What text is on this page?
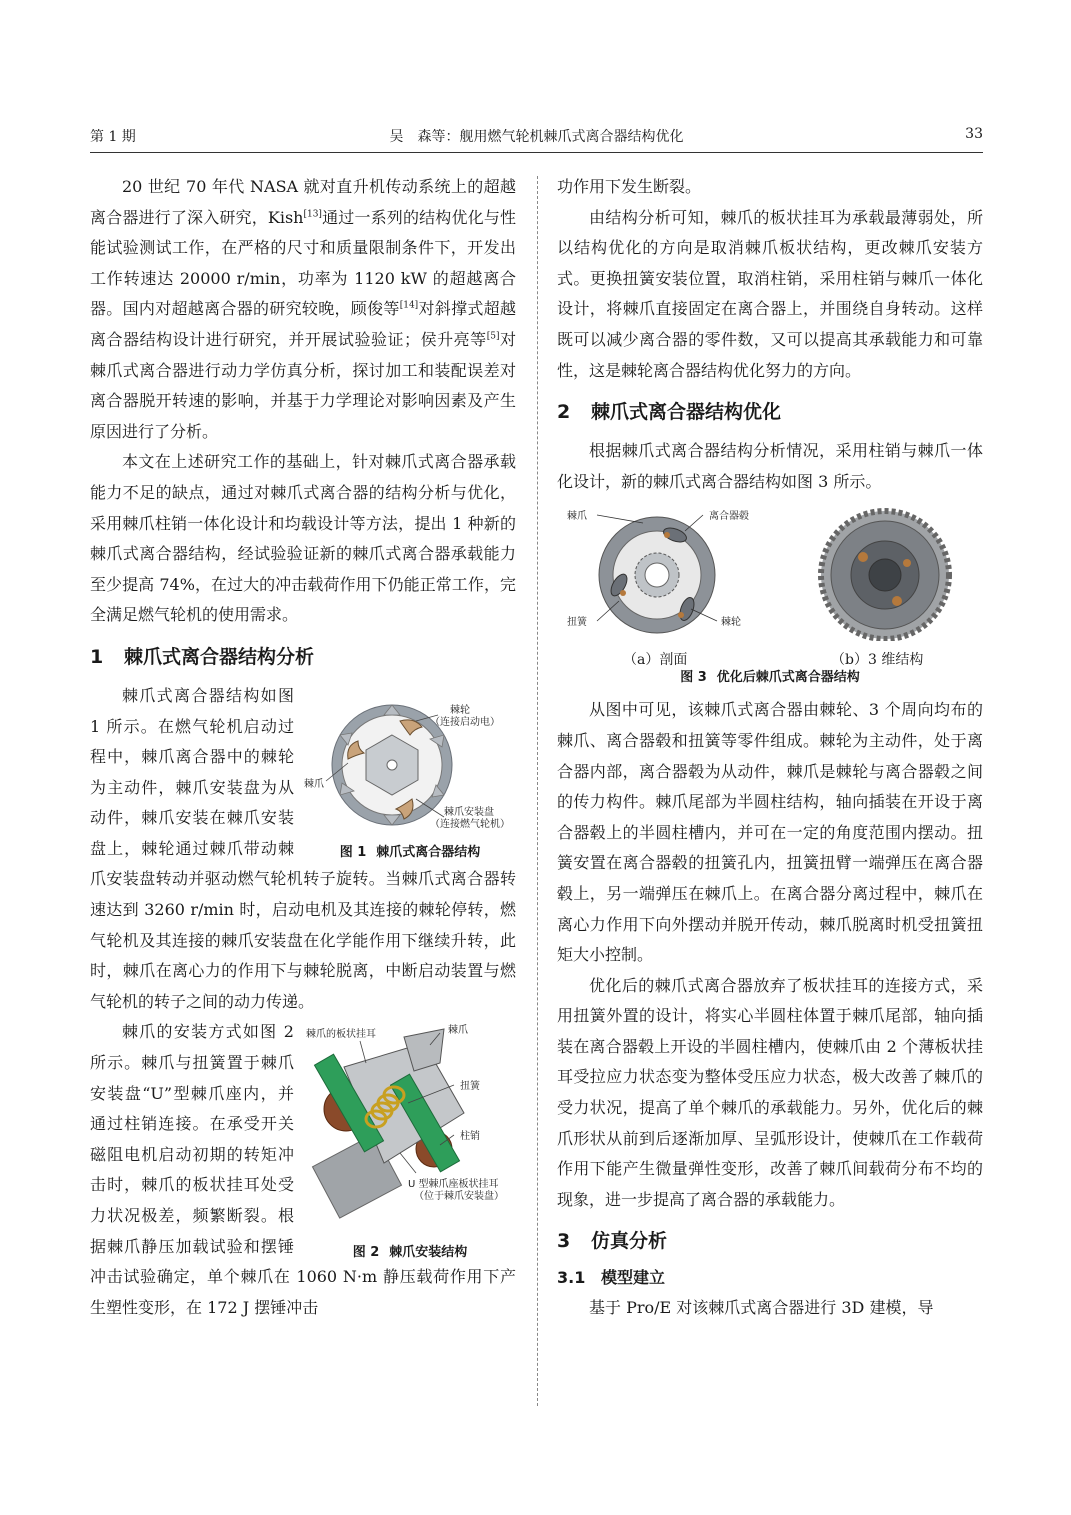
第 1 期	吴　森等：舰用燃气轮机棘爪式离合器结构优化	33

20 世纪 70 年代 NASA 就对直升机传动系统上的超越离合器进行了深入研究，Kish[13]通过一系列的结构优化与性能试验测试工作，在严格的尺寸和质量限制条件下，开发出工作转速达 20000 r/min，功率为 1120 kW 的超越离合器。国内对超越离合器的研究较晚，顾俊等[14]对斜撑式超越离合器结构设计进行研究，并开展试验验证；侯升亮等[5]对棘爪式离合器进行动力学仿真分析，探讨加工和装配误差对离合器脱开转速的影响，并基于力学理论对影响因素及产生原因进行了分析。

本文在上述研究工作的基础上，针对棘爪式离合器承载能力不足的缺点，通过对棘爪式离合器的结构分析与优化，采用棘爪柱销一体化设计和均载设计等方法，提出 1 种新的棘爪式离合器结构，经试验验证新的棘爪式离合器承载能力至少提高 74%，在过大的冲击载荷作用下仍能正常工作，完全满足燃气轮机的使用需求。

1 棘爪式离合器结构分析
棘轮
（连接启动电）
棘爪
棘爪安装盘
（连接燃气轮机）
图 1 棘爪式离合器结构

棘爪式离合器结构如图 1 所示。在燃气轮机启动过程中，棘爪离合器中的棘轮为主动件，棘爪安装盘为从动件，棘爪安装在棘爪安装盘上，棘轮通过棘爪带动棘爪安装盘转动并驱动燃气轮机转子旋转。当棘爪式离合器转速达到 3260 r/min 时，启动电机及其连接的棘轮停转，燃气轮机及其连接的棘爪安装盘在化学能作用下继续升转，此时，棘爪在离心力的作用下与棘轮脱离，中断启动装置与燃气轮机的转子之间的动力传递。

棘爪的板状挂耳	棘爪
扭簧
柱销
U 型棘爪座板状挂耳
（位于棘爪安装盘）
图 2 棘爪安装结构

棘爪的安装方式如图 2 所示。棘爪与扭簧置于棘爪安装盘“U”型棘爪座内，并通过柱销连接。在承受开关磁阻电机启动初期的转矩冲击时，棘爪的板状挂耳处受力状况极差，频繁断裂。根据棘爪静压加载试验和摆锤冲击试验确定，单个棘爪在 1060 N·m 静压载荷作用下产生塑性变形，在 172 J 摆锤冲击

功作用下发生断裂。

由结构分析可知，棘爪的板状挂耳为承载最薄弱处，所以结构优化的方向是取消棘爪板状结构，更改棘爪安装方式。更换扭簧安装位置，取消柱销，采用柱销与棘爪一体化设计，将棘爪直接固定在离合器上，并围绕自身转动。这样既可以减少离合器的零件数，又可以提高其承载能力和可靠性，这是棘轮离合器结构优化努力的方向。

2 棘爪式离合器结构优化

根据棘爪式离合器结构分析情况，采用柱销与棘爪一体化设计，新的棘爪式离合器结构如图 3 所示。

棘爪	离合器毂
扭簧	棘轮
（a）剖面	（b）3 维结构
图 3 优化后棘爪式离合器结构

从图中可见，该棘爪式离合器由棘轮、3 个周向均布的棘爪、离合器毂和扭簧等零件组成。棘轮为主动件，处于离合器内部，离合器毂为从动件，棘爪是棘轮与离合器毂之间的传力构件。棘爪尾部为半圆柱结构，轴向插装在开设于离合器毂上的半圆柱槽内，并可在一定的角度范围内摆动。扭簧安置在离合器毂的扭簧孔内，扭簧扭臂一端弹压在离合器毂上，另一端弹压在棘爪上。在离合器分离过程中，棘爪在离心力作用下向外摆动并脱开传动，棘爪脱离时机受扭簧扭矩大小控制。

优化后的棘爪式离合器放弃了板状挂耳的连接方式，采用扭簧外置的设计，将实心半圆柱体置于棘爪尾部，轴向插装在离合器毂上开设的半圆柱槽内，使棘爪由 2 个薄板状挂耳受拉应力状态变为整体受压应力状态，极大改善了棘爪的受力状况，提高了单个棘爪的承载能力。另外，优化后的棘爪形状从前到后逐渐加厚、呈弧形设计，使棘爪在工作载荷作用下能产生微量弹性变形，改善了棘爪间载荷分布不均的现象，进一步提高了离合器的承载能力。

3 仿真分析
3.1 模型建立

基于 Pro/E 对该棘爪式离合器进行 3D 建模，导
